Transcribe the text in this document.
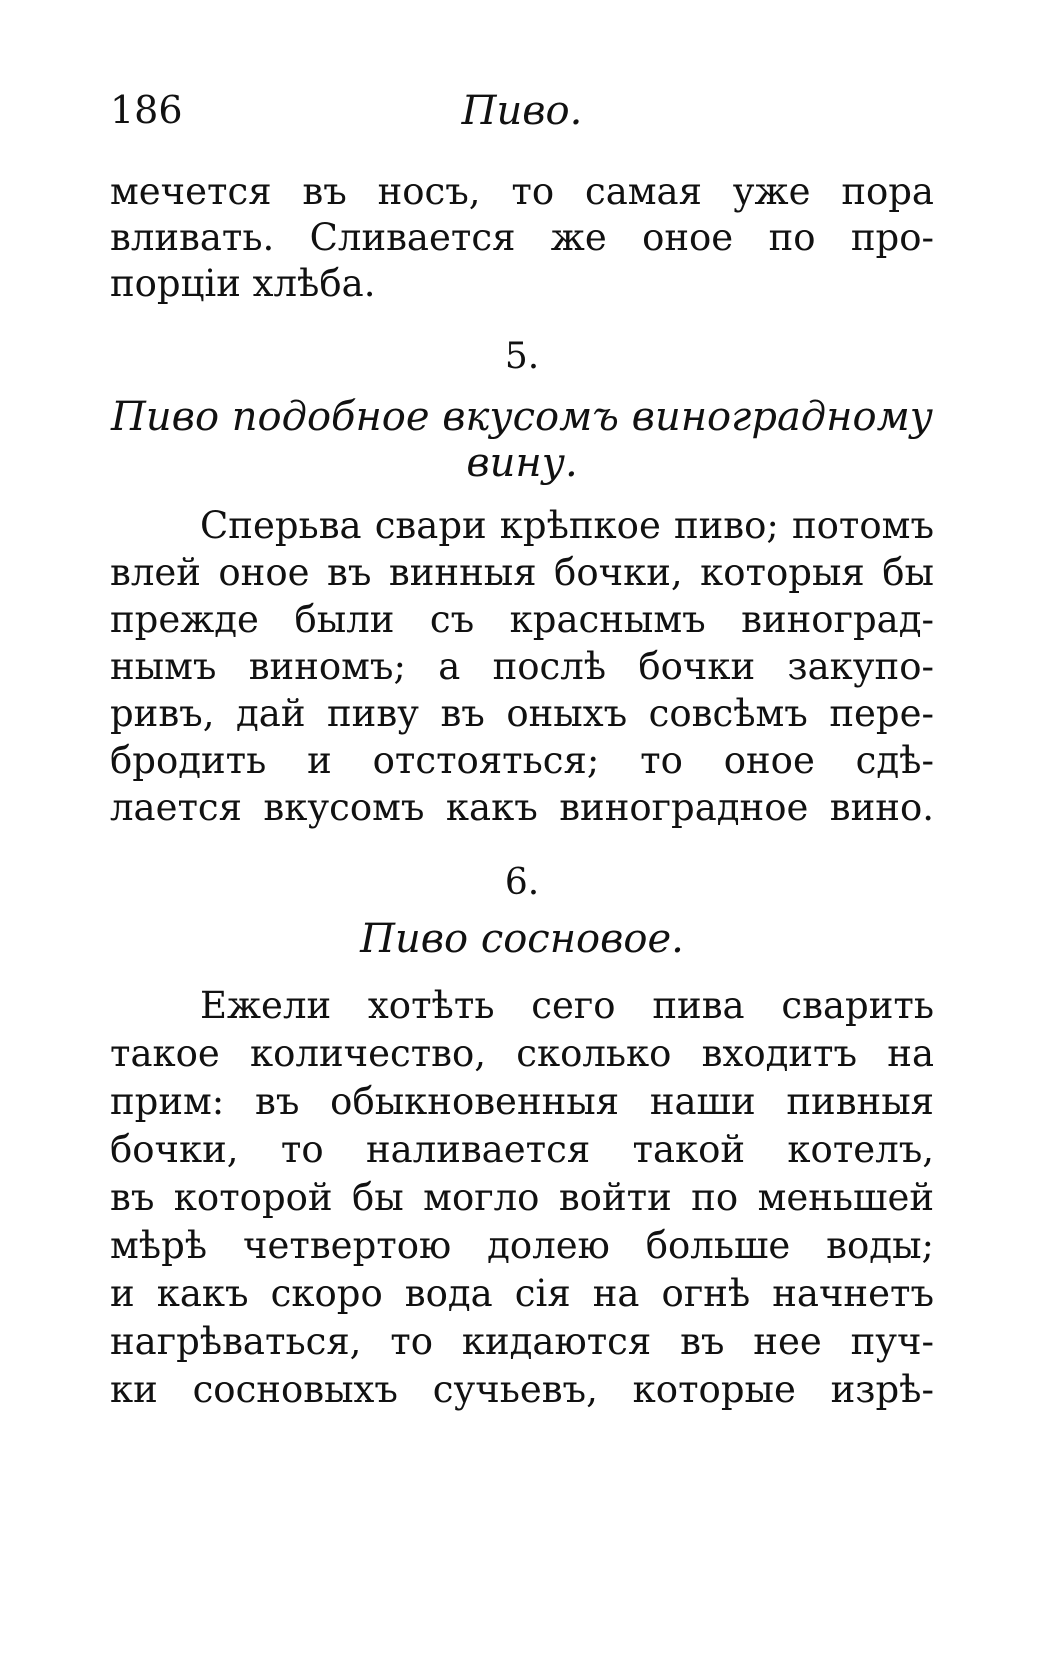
186	Пиво.
мечется въ носъ, то самая уже пора
вливать. Сливается же оное по про-
порціи хлѣба.
5.
Пиво подобное вкусомъ виноградному
вину.
Сперьва свари крѣпкое пиво; потомъ
влей оное въ винныя бочки, которыя бы
прежде были съ краснымъ виноград-
нымъ виномъ; а послѣ бочки закупо-
ривъ, дай пиву въ оныхъ совсѣмъ пере-
бродить и отстояться; то оное сдѣ-
лается вкусомъ какъ виноградное вино.
6.
Пиво сосновое.
Ежели хотѣть сего пива сварить
такое количество, сколько входитъ на
прим: въ обыкновенныя наши пивныя
бочки, то наливается такой котелъ,
въ которой бы могло войти по меньшей
мѣрѣ четвертою долею больше воды;
и какъ скоро вода сія на огнѣ начнетъ
нагрѣваться, то кидаются въ нее пуч-
ки сосновыхъ сучьевъ, которые изрѣ-
